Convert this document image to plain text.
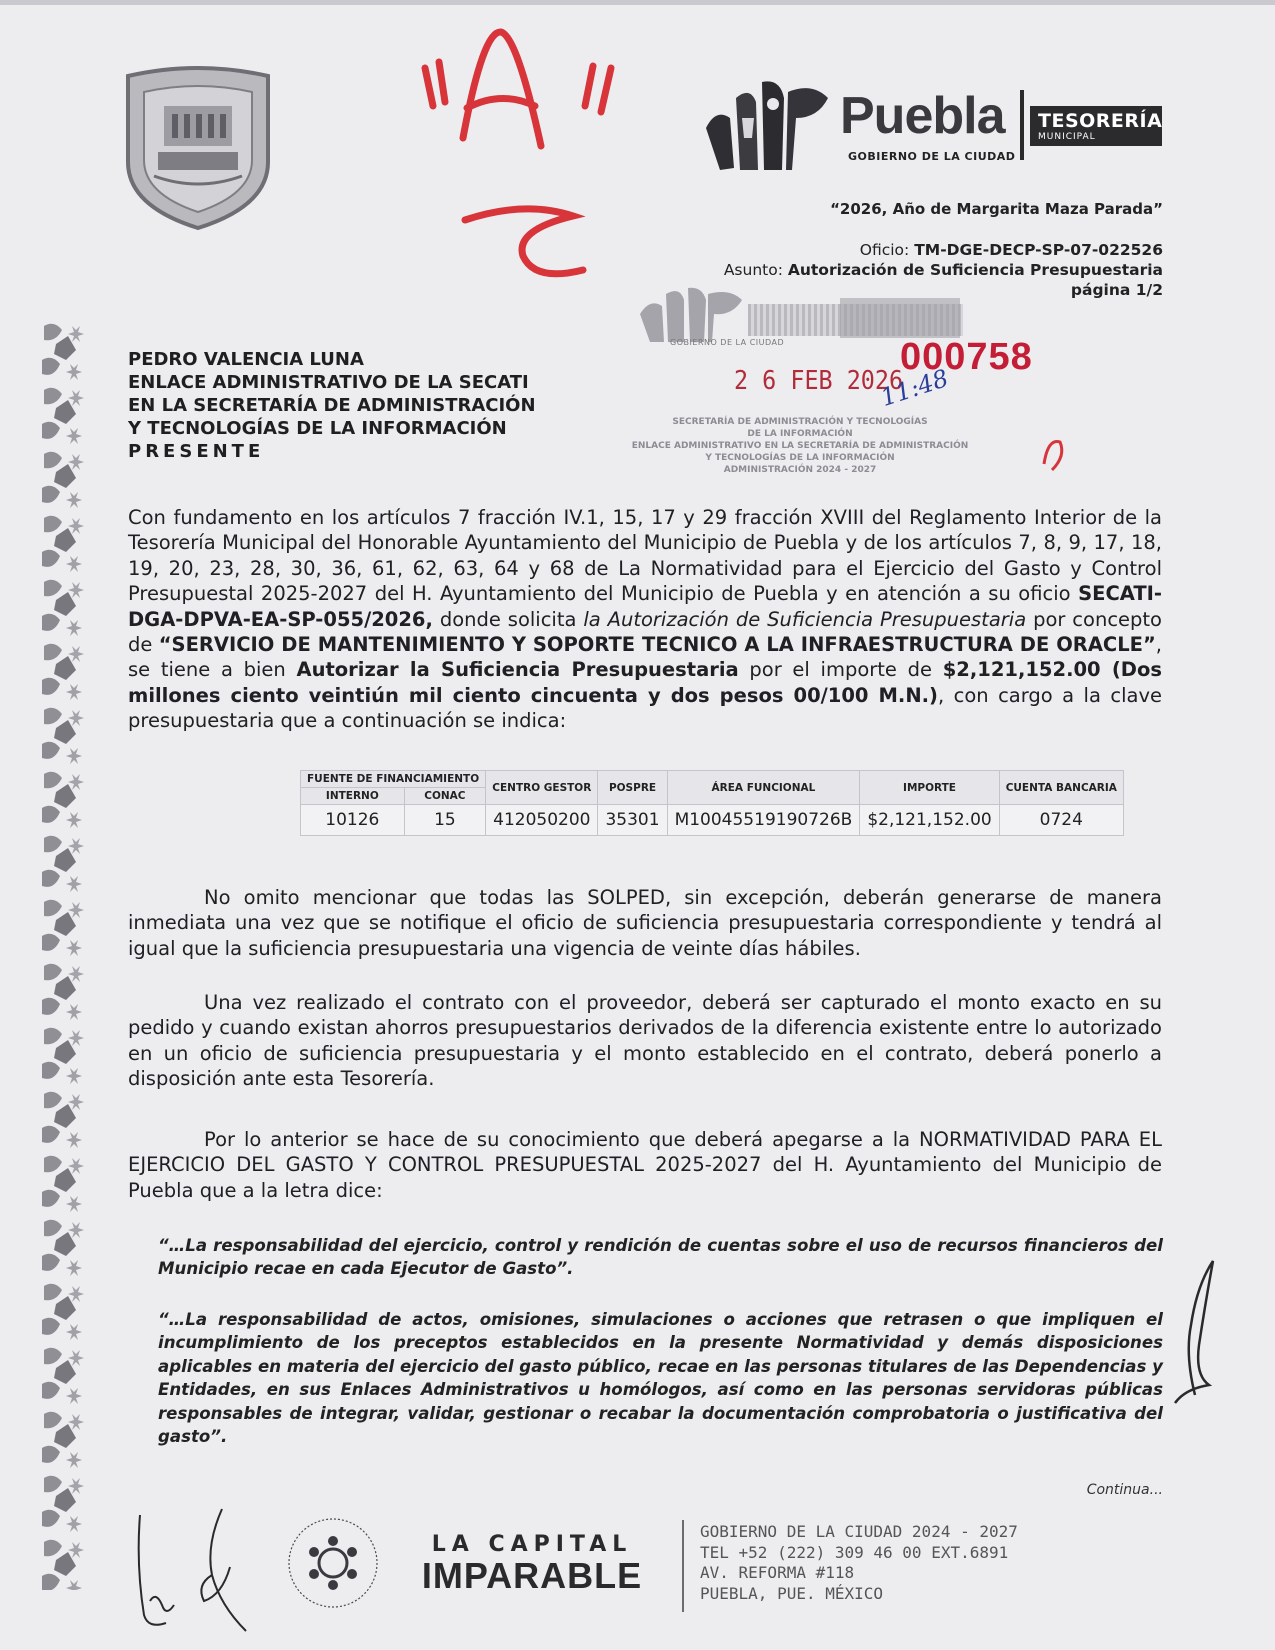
"A"
Puebla
GOBIERNO DE LA CIUDAD
TESORERÍA
MUNICIPAL
“2026, Año de Margarita Maza Parada”
Oficio: TM-DGE-DECP-SP-07-022526
Asunto: Autorización de Suficiencia Presupuestaria
página 1/2
GOBIERNO DE LA CIUDAD
2 6 FEB 2026
000758
11:48
SECRETARÍA DE ADMINISTRACIÓN Y TECNOLOGÍAS
DE LA INFORMACIÓN
ENLACE ADMINISTRATIVO EN LA SECRETARÍA DE ADMINISTRACIÓN
Y TECNOLOGÍAS DE LA INFORMACIÓN
ADMINISTRACIÓN 2024 - 2027
PEDRO VALENCIA LUNA
ENLACE ADMINISTRATIVO DE LA SECATI
EN LA SECRETARÍA DE ADMINISTRACIÓN
Y TECNOLOGÍAS DE LA INFORMACIÓN
PRESENTE
Con fundamento en los artículos 7 fracción IV.1, 15, 17 y 29 fracción XVIII del Reglamento Interior de la Tesorería Municipal del Honorable Ayuntamiento del Municipio de Puebla y de los artículos 7, 8, 9, 17, 18, 19, 20, 23, 28, 30, 36, 61, 62, 63, 64 y 68 de La Normatividad para el Ejercicio del Gasto y Control Presupuestal 2025-2027 del H. Ayuntamiento del Municipio de Puebla y en atención a su oficio SECATI-DGA-DPVA-EA-SP-055/2026, donde solicita la Autorización de Suficiencia Presupuestaria por concepto de “SERVICIO DE MANTENIMIENTO Y SOPORTE TECNICO A LA INFRAESTRUCTURA DE ORACLE”, se tiene a bien Autorizar la Suficiencia Presupuestaria por el importe de $2,121,152.00 (Dos millones ciento veintiún mil ciento cincuenta y dos pesos 00/100 M.N.), con cargo a la clave presupuestaria que a continuación se indica:
FUENTE DE FINANCIAMIENTO		CENTRO GESTOR	POSPRE	ÁREA FUNCIONAL	IMPORTE	CUENTA BANCARIA
INTERNO	CONAC					
10126	15	412050200	35301	M10045519190726B	$2,121,152.00	0724
No omito mencionar que todas las SOLPED, sin excepción, deberán generarse de manera inmediata una vez que se notifique el oficio de suficiencia presupuestaria correspondiente y tendrá al igual que la suficiencia presupuestaria una vigencia de veinte días hábiles.
Una vez realizado el contrato con el proveedor, deberá ser capturado el monto exacto en su pedido y cuando existan ahorros presupuestarios derivados de la diferencia existente entre lo autorizado en un oficio de suficiencia presupuestaria y el monto establecido en el contrato, deberá ponerlo a disposición ante esta Tesorería.
Por lo anterior se hace de su conocimiento que deberá apegarse a la NORMATIVIDAD PARA EL EJERCICIO DEL GASTO Y CONTROL PRESUPUESTAL 2025-2027 del H. Ayuntamiento del Municipio de Puebla que a la letra dice:
“…La responsabilidad del ejercicio, control y rendición de cuentas sobre el uso de recursos financieros del Municipio recae en cada Ejecutor de Gasto”.
“…La responsabilidad de actos, omisiones, simulaciones o acciones que retrasen o que impliquen el incumplimiento de los preceptos establecidos en la presente Normatividad y demás disposiciones aplicables en materia del ejercicio del gasto público, recae en las personas titulares de las Dependencias y Entidades, en sus Enlaces Administrativos u homólogos, así como en las personas servidoras públicas responsables de integrar, validar, gestionar o recabar la documentación comprobatoria o justificativa del gasto”.
Continua...
Norma Mexicana en Igualdad Laboral y No Discriminación
LA CAPITAL
IMPARABLE
GOBIERNO DE LA CIUDAD 2024 - 2027
TEL +52 (222) 309 46 00 EXT.6891
AV. REFORMA #118
PUEBLA, PUE. MÉXICO
